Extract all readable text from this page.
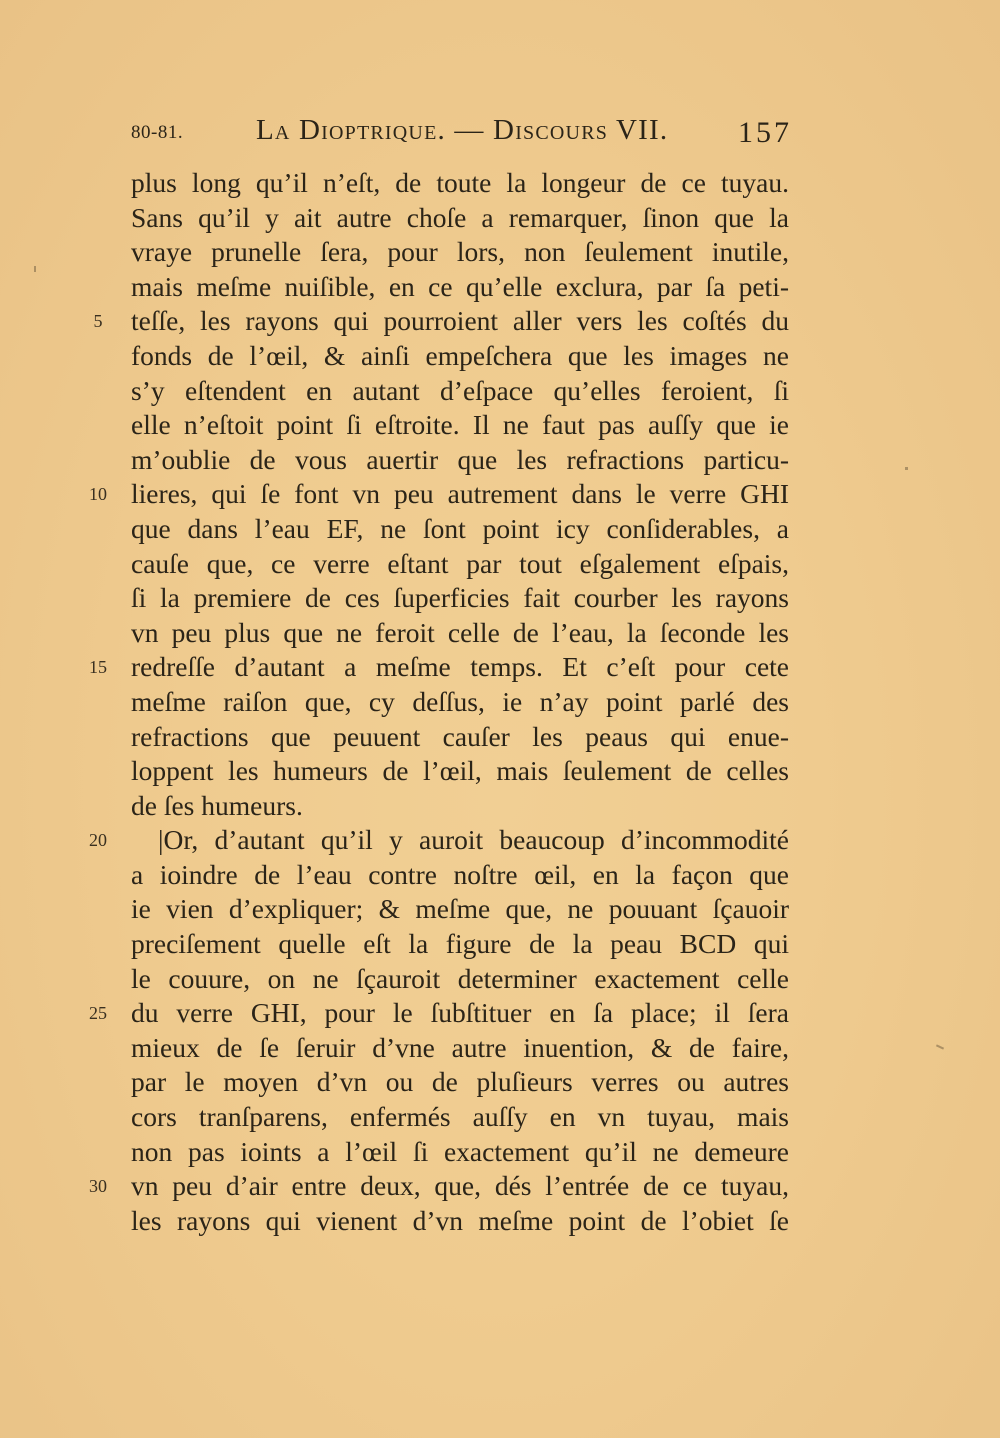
80-81.	La Dioptrique. — Discours VII. 157
plus long qu’il n’eſt, de toute la longeur de ce tuyau.
Sans qu’il y ait autre choſe a remarquer, ſinon que la
vraye prunelle ſera, pour lors, non ſeulement inutile,
mais meſme nuiſible, en ce qu’elle exclura, par ſa peti-
5	teſſe, les rayons qui pourroient aller vers les coſtés du
fonds de l’œil, & ainſi empeſchera que les images ne
s’y eſtendent en autant d’eſpace qu’elles feroient, ſi
elle n’eſtoit point ſi eſtroite. Il ne faut pas auſſy que ie
m’oublie de vous auertir que les refractions particu-
10 lieres, qui ſe font vn peu autrement dans le verre GHI
que dans l’eau EF, ne ſont point icy conſiderables, a
cauſe que, ce verre eſtant par tout eſgalement eſpais,
ſi la premiere de ces ſuperficies fait courber les rayons
vn peu plus que ne feroit celle de l’eau, la ſeconde les
15 redreſſe d’autant a meſme temps. Et c’eſt pour cete
meſme raiſon que, cy deſſus, ie n’ay point parlé des
refractions que peuuent cauſer les peaus qui enue-
loppent les humeurs de l’œil, mais ſeulement de celles
de ſes humeurs.
20	|Or, d’autant qu’il y auroit beaucoup d’incommodité
a ioindre de l’eau contre noſtre œil, en la façon que
ie vien d’expliquer; & meſme que, ne pouuant ſçauoir
preciſement quelle eſt la figure de la peau BCD qui
le couure, on ne ſçauroit determiner exactement celle
25 du verre GHI, pour le ſubſtituer en ſa place; il ſera
mieux de ſe ſeruir d’vne autre inuention, & de faire,
par le moyen d’vn ou de pluſieurs verres ou autres
cors tranſparens, enfermés auſſy en vn tuyau, mais
non pas ioints a l’œil ſi exactement qu’il ne demeure
30 vn peu d’air entre deux, que, dés l’entrée de ce tuyau,
les rayons qui vienent d’vn meſme point de l’obiet ſe
